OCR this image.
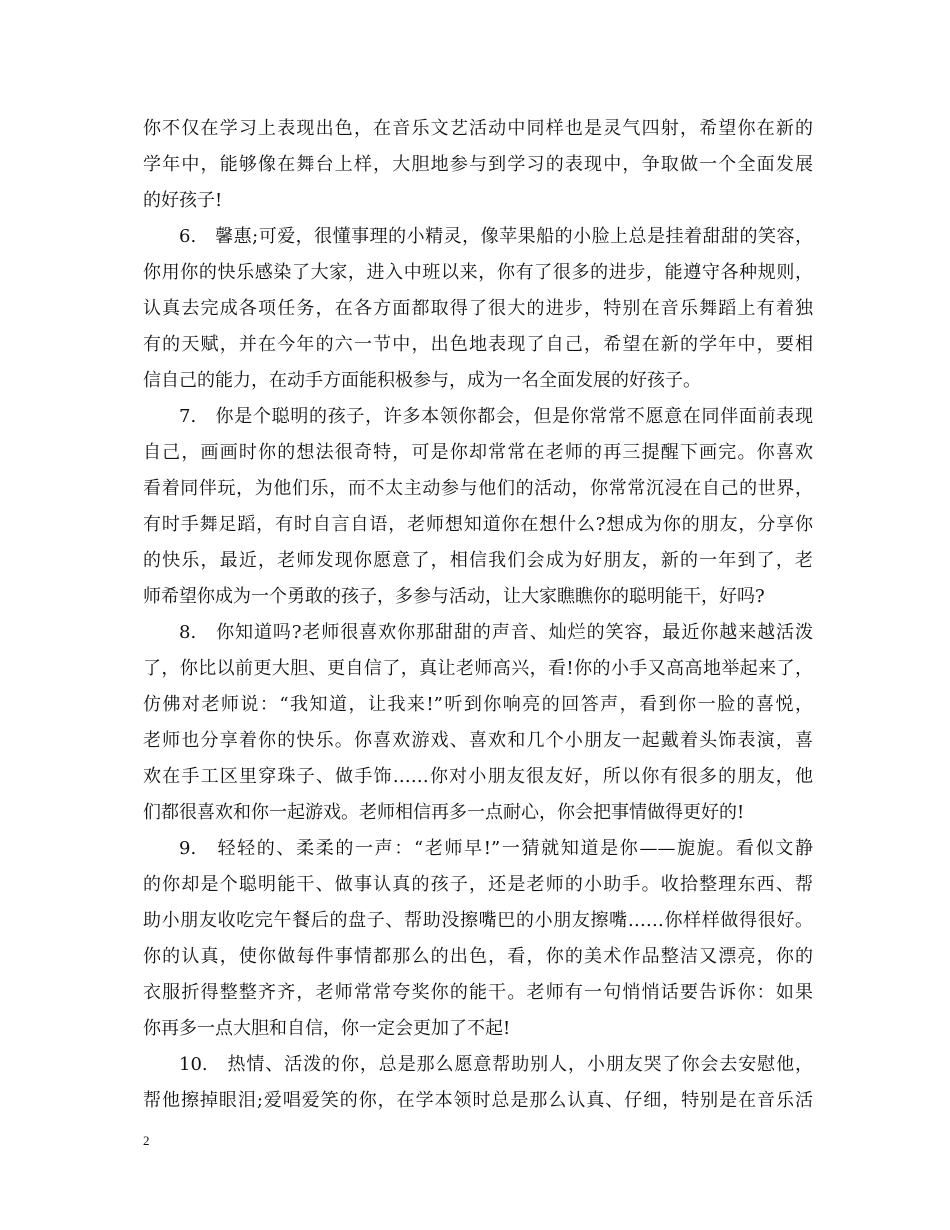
你不仅在学习上表现出色，在音乐文艺活动中同样也是灵气四射，希望你在新的
学年中，能够像在舞台上样，大胆地参与到学习的表现中，争取做一个全面发展
的好孩子!
6.　馨惠;可爱，很懂事理的小精灵，像苹果船的小脸上总是挂着甜甜的笑容，
你用你的快乐感染了大家，进入中班以来，你有了很多的进步，能遵守各种规则，
认真去完成各项任务，在各方面都取得了很大的进步，特别在音乐舞蹈上有着独
有的天赋，并在今年的六一节中，出色地表现了自己，希望在新的学年中，要相
信自己的能力，在动手方面能积极参与，成为一名全面发展的好孩子。
7.　你是个聪明的孩子，许多本领你都会，但是你常常不愿意在同伴面前表现
自己，画画时你的想法很奇特，可是你却常常在老师的再三提醒下画完。你喜欢
看着同伴玩，为他们乐，而不太主动参与他们的活动，你常常沉浸在自己的世界，
有时手舞足蹈，有时自言自语，老师想知道你在想什么?想成为你的朋友，分享你
的快乐，最近，老师发现你愿意了，相信我们会成为好朋友，新的一年到了，老
师希望你成为一个勇敢的孩子，多参与活动，让大家瞧瞧你的聪明能干，好吗?
8.　你知道吗?老师很喜欢你那甜甜的声音、灿烂的笑容，最近你越来越活泼
了，你比以前更大胆、更自信了，真让老师高兴，看!你的小手又高高地举起来了，
仿佛对老师说：“我知道，让我来!”听到你响亮的回答声，看到你一脸的喜悦，
老师也分享着你的快乐。你喜欢游戏、喜欢和几个小朋友一起戴着头饰表演，喜
欢在手工区里穿珠子、做手饰……你对小朋友很友好，所以你有很多的朋友，他
们都很喜欢和你一起游戏。老师相信再多一点耐心，你会把事情做得更好的!
9.　轻轻的、柔柔的一声：“老师早!”一猜就知道是你——旎旎。看似文静
的你却是个聪明能干、做事认真的孩子，还是老师的小助手。收拾整理东西、帮
助小朋友收吃完午餐后的盘子、帮助没擦嘴巴的小朋友擦嘴……你样样做得很好。
你的认真，使你做每件事情都那么的出色，看，你的美术作品整洁又漂亮，你的
衣服折得整整齐齐，老师常常夸奖你的能干。老师有一句悄悄话要告诉你：如果
你再多一点大胆和自信，你一定会更加了不起!
10.　热情、活泼的你，总是那么愿意帮助别人，小朋友哭了你会去安慰他，
帮他擦掉眼泪;爱唱爱笑的你，在学本领时总是那么认真、仔细，特别是在音乐活
2
